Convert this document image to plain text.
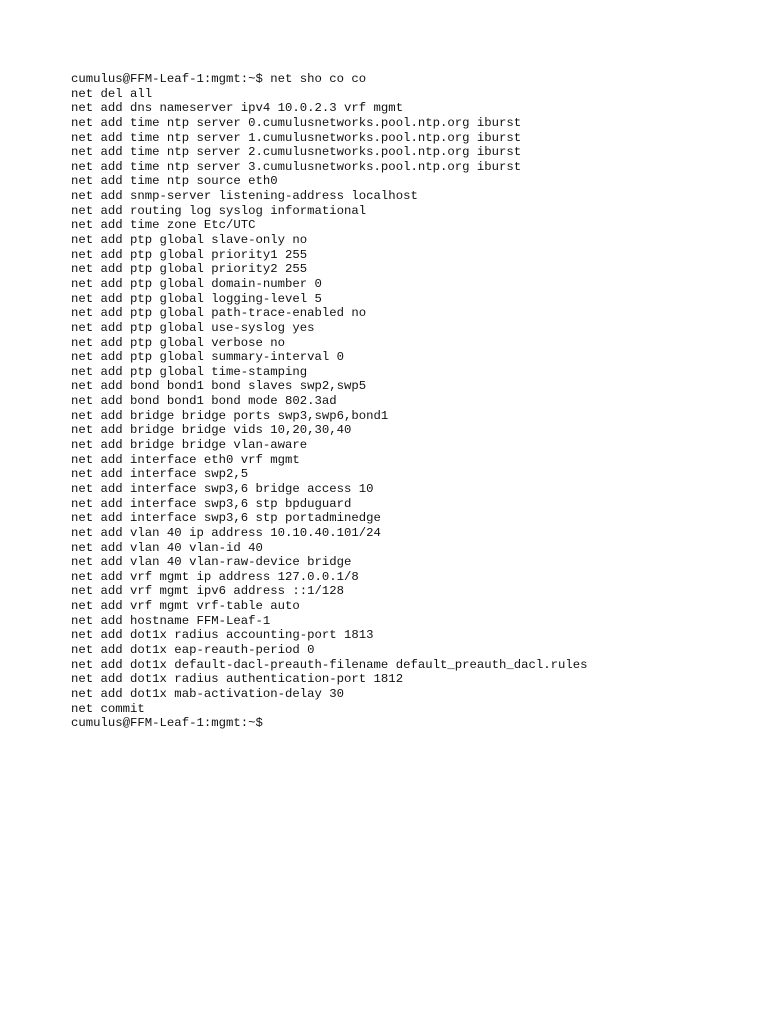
cumulus@FFM-Leaf-1:mgmt:~$ net sho co co
net del all
net add dns nameserver ipv4 10.0.2.3 vrf mgmt
net add time ntp server 0.cumulusnetworks.pool.ntp.org iburst
net add time ntp server 1.cumulusnetworks.pool.ntp.org iburst
net add time ntp server 2.cumulusnetworks.pool.ntp.org iburst
net add time ntp server 3.cumulusnetworks.pool.ntp.org iburst
net add time ntp source eth0
net add snmp-server listening-address localhost
net add routing log syslog informational
net add time zone Etc/UTC
net add ptp global slave-only no
net add ptp global priority1 255
net add ptp global priority2 255
net add ptp global domain-number 0
net add ptp global logging-level 5
net add ptp global path-trace-enabled no
net add ptp global use-syslog yes
net add ptp global verbose no
net add ptp global summary-interval 0
net add ptp global time-stamping
net add bond bond1 bond slaves swp2,swp5
net add bond bond1 bond mode 802.3ad
net add bridge bridge ports swp3,swp6,bond1
net add bridge bridge vids 10,20,30,40
net add bridge bridge vlan-aware
net add interface eth0 vrf mgmt
net add interface swp2,5
net add interface swp3,6 bridge access 10
net add interface swp3,6 stp bpduguard
net add interface swp3,6 stp portadminedge
net add vlan 40 ip address 10.10.40.101/24
net add vlan 40 vlan-id 40
net add vlan 40 vlan-raw-device bridge
net add vrf mgmt ip address 127.0.0.1/8
net add vrf mgmt ipv6 address ::1/128
net add vrf mgmt vrf-table auto
net add hostname FFM-Leaf-1
net add dot1x radius accounting-port 1813
net add dot1x eap-reauth-period 0
net add dot1x default-dacl-preauth-filename default_preauth_dacl.rules
net add dot1x radius authentication-port 1812
net add dot1x mab-activation-delay 30
net commit
cumulus@FFM-Leaf-1:mgmt:~$
